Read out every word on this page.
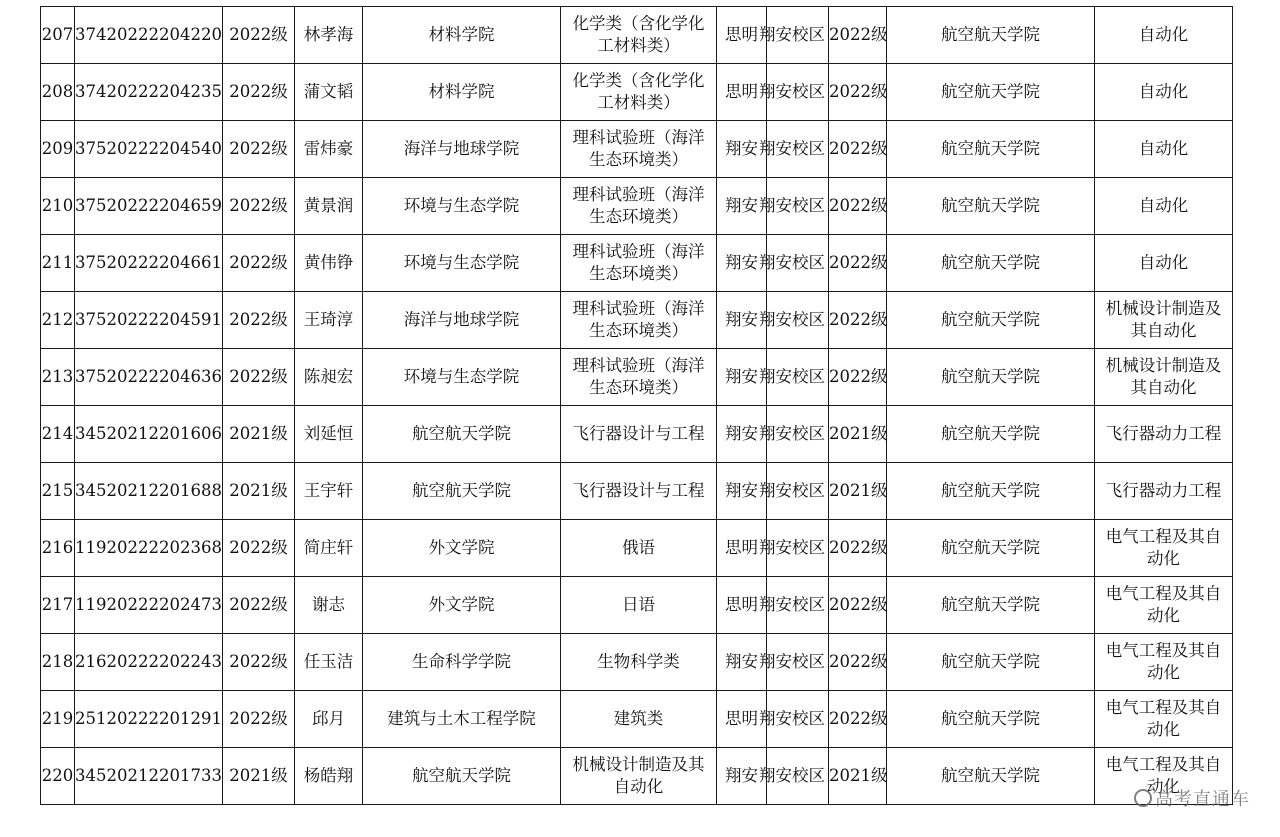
207	37420222204220	2022级	林孝海	材料学院	化学类（含化学化工材料类）	思明	翔安校区	2022级	航空航天学院	自动化
208	37420222204235	2022级	蒲文韬	材料学院	化学类（含化学化工材料类）	思明	翔安校区	2022级	航空航天学院	自动化
209	37520222204540	2022级	雷炜豪	海洋与地球学院	理科试验班（海洋生态环境类）	翔安	翔安校区	2022级	航空航天学院	自动化
210	37520222204659	2022级	黄景润	环境与生态学院	理科试验班（海洋生态环境类）	翔安	翔安校区	2022级	航空航天学院	自动化
211	37520222204661	2022级	黄伟铮	环境与生态学院	理科试验班（海洋生态环境类）	翔安	翔安校区	2022级	航空航天学院	自动化
212	37520222204591	2022级	王琦淳	海洋与地球学院	理科试验班（海洋生态环境类）	翔安	翔安校区	2022级	航空航天学院	机械设计制造及其自动化
213	37520222204636	2022级	陈昶宏	环境与生态学院	理科试验班（海洋生态环境类）	翔安	翔安校区	2022级	航空航天学院	机械设计制造及其自动化
214	34520212201606	2021级	刘延恒	航空航天学院	飞行器设计与工程	翔安	翔安校区	2021级	航空航天学院	飞行器动力工程
215	34520212201688	2021级	王宇轩	航空航天学院	飞行器设计与工程	翔安	翔安校区	2021级	航空航天学院	飞行器动力工程
216	11920222202368	2022级	简庄轩	外文学院	俄语	思明	翔安校区	2022级	航空航天学院	电气工程及其自动化
217	11920222202473	2022级	谢志	外文学院	日语	思明	翔安校区	2022级	航空航天学院	电气工程及其自动化
218	21620222202243	2022级	任玉洁	生命科学学院	生物科学类	翔安	翔安校区	2022级	航空航天学院	电气工程及其自动化
219	25120222201291	2022级	邱月	建筑与土木工程学院	建筑类	思明	翔安校区	2022级	航空航天学院	电气工程及其自动化
220	34520212201733	2021级	杨皓翔	航空航天学院	机械设计制造及其自动化	翔安	翔安校区	2021级	航空航天学院	电气工程及其自动化
高考直通车
